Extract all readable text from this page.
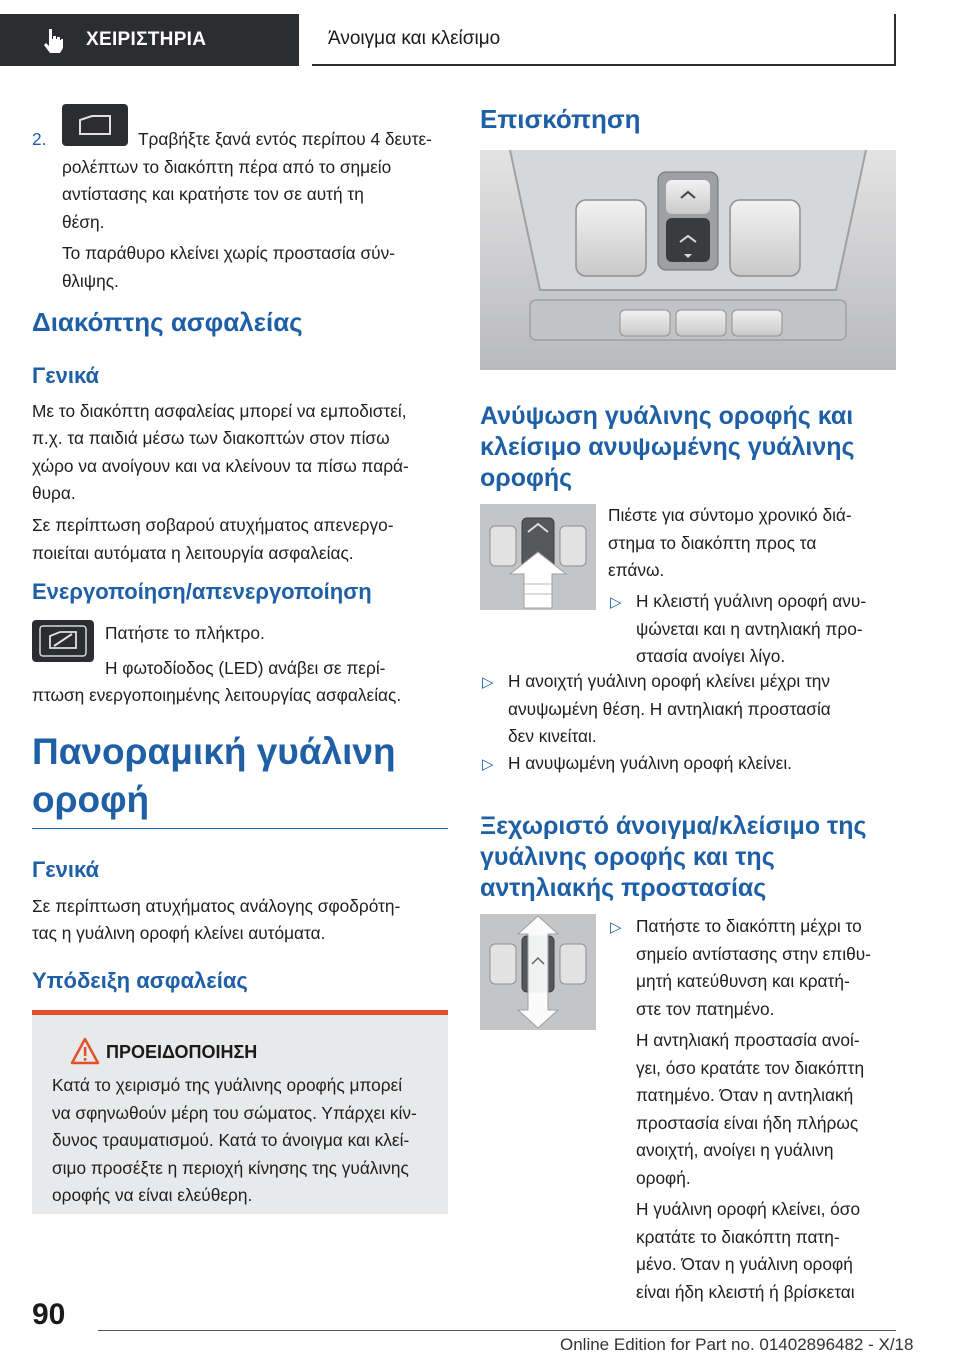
ΧΕΙΡΙΣΤΗΡΙΑ	Άνοιγμα και κλείσιμο
2.	Τραβήξτε ξανά εντός περίπου 4 δευτε-
ρολέπτων το διακόπτη πέρα από το σημείο
αντίστασης και κρατήστε τον σε αυτή τη
θέση.
Το παράθυρο κλείνει χωρίς προστασία σύν-
θλιψης.
Διακόπτης ασφαλείας
Γενικά
Με το διακόπτη ασφαλείας μπορεί να εμποδιστεί,
π.χ. τα παιδιά μέσω των διακοπτών στον πίσω
χώρο να ανοίγουν και να κλείνουν τα πίσω παρά-
θυρα.
Σε περίπτωση σοβαρού ατυχήματος απενεργο-
ποιείται αυτόματα η λειτουργία ασφαλείας.
Ενεργοποίηση/απενεργοποίηση
Πατήστε το πλήκτρο.
Η φωτοδίοδος (LED) ανάβει σε περί-
πτωση ενεργοποιημένης λειτουργίας ασφαλείας.
Πανοραμική γυάλινη
οροφή
Γενικά
Σε περίπτωση ατυχήματος ανάλογης σφοδρότη-
τας η γυάλινη οροφή κλείνει αυτόματα.
Υπόδειξη ασφαλείας
ΠΡΟΕΙΔΟΠΟΙΗΣΗ
Κατά το χειρισμό της γυάλινης οροφής μπορεί
να σφηνωθούν μέρη του σώματος. Υπάρχει κίν-
δυνος τραυματισμού. Κατά το άνοιγμα και κλεί-
σιμο προσέξτε η περιοχή κίνησης της γυάλινης
οροφής να είναι ελεύθερη.
Επισκόπηση
Ανύψωση γυάλινης οροφής και
κλείσιμο ανυψωμένης γυάλινης
οροφής
Πιέστε για σύντομο χρονικό διά-
στημα το διακόπτη προς τα
επάνω.
▷ Η κλειστή γυάλινη οροφή ανυ-
ψώνεται και η αντηλιακή προ-
στασία ανοίγει λίγο.
▷ Η ανοιχτή γυάλινη οροφή κλείνει μέχρι την
ανυψωμένη θέση. Η αντηλιακή προστασία
δεν κινείται.
▷ Η ανυψωμένη γυάλινη οροφή κλείνει.
Ξεχωριστό άνοιγμα/κλείσιμο της
γυάλινης οροφής και της
αντηλιακής προστασίας
▷ Πατήστε το διακόπτη μέχρι το
σημείο αντίστασης στην επιθυ-
μητή κατεύθυνση και κρατή-
στε τον πατημένο.
Η αντηλιακή προστασία ανοί-
γει, όσο κρατάτε τον διακόπτη
πατημένο. Όταν η αντηλιακή
προστασία είναι ήδη πλήρως
ανοιχτή, ανοίγει η γυάλινη
οροφή.
Η γυάλινη οροφή κλείνει, όσο
κρατάτε το διακόπτη πατη-
μένο. Όταν η γυάλινη οροφή
είναι ήδη κλειστή ή βρίσκεται
90
Online Edition for Part no. 01402896482 - X/18
